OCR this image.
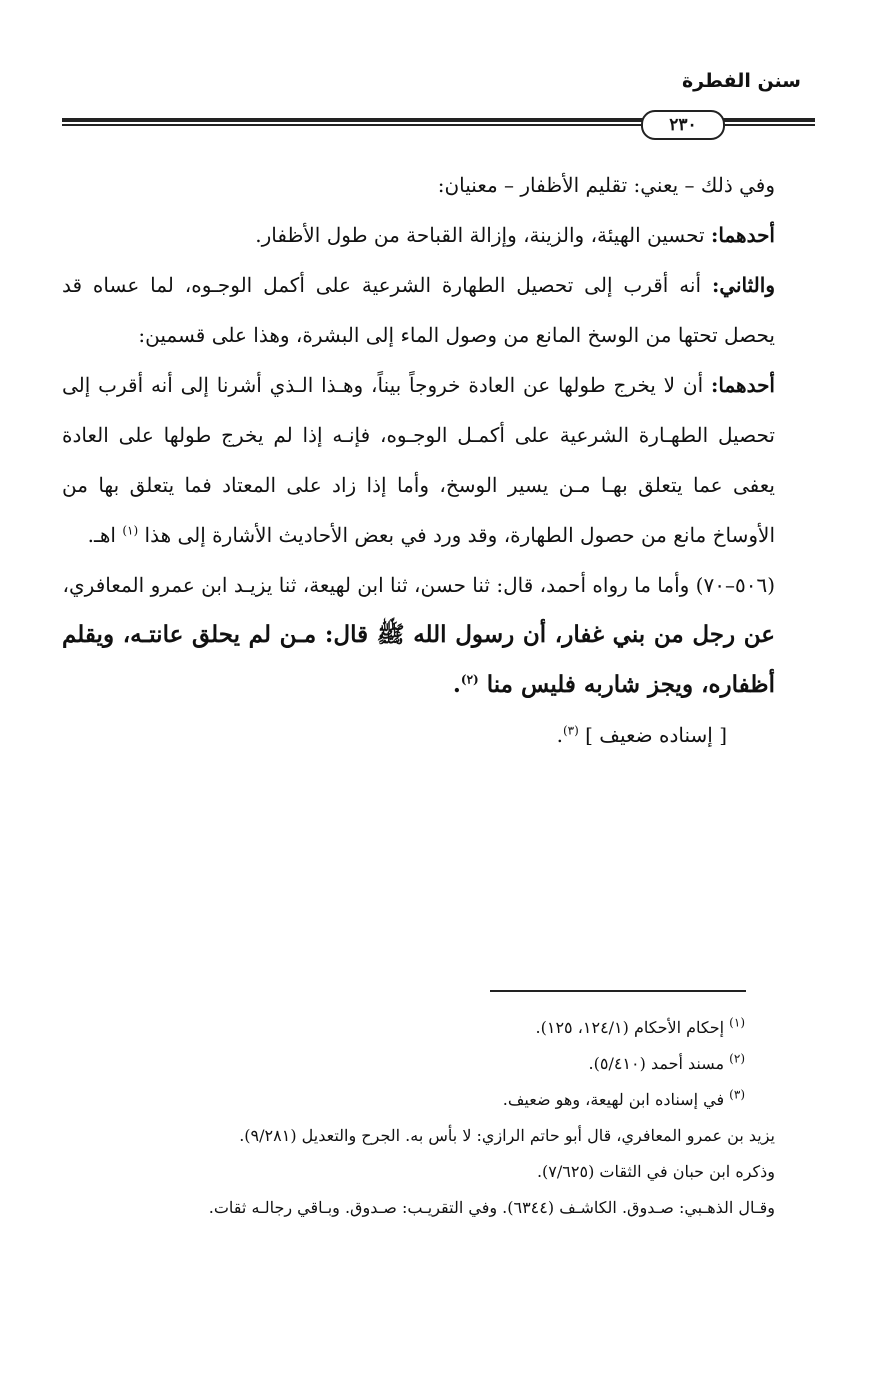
سنن الفطرة
٢٣٠

وفي ذلك – يعني: تقليم الأظفار – معنيان:

أحدهما: تحسين الهيئة، والزينة، وإزالة القباحة من طول الأظفار.

والثاني: أنه أقرب إلى تحصيل الطهارة الشرعية على أكمل الوجـوه، لما عساه قد يحصل تحتها من الوسخ المانع من وصول الماء إلى البشرة، وهذا على قسمين:

أحدهما: أن لا يخرج طولها عن العادة خروجاً بيناً، وهـذا الـذي أشرنا إلى أنه أقرب إلى تحصيل الطهـارة الشرعية على أكمـل الوجـوه، فإنـه إذا لم يخرج طولها على العادة يعفى عما يتعلق بهـا مـن يسير الوسخ، وأما إذا زاد على المعتاد فما يتعلق بها من الأوساخ مانع من حصول الطهارة، وقد ورد في بعض الأحاديث الأشارة إلى هذا $^{(١)}$ اهـ.

(٥٠٦–٧٠) وأما ما رواه أحمد، قال: ثنا حسن، ثنا ابن لهيعة، ثنا يزيـد ابن عمرو المعافري،

عن رجل من بني غفار، أن رسول الله ﷺ قال: مـن لم يحلق عانتـه، ويقلم أظفاره، ويجز شاربه فليس منا $^{(٢)}$.

[ إسناده ضعيف ] $^{(٣)}$.

$^{(١)}$ إحكام الأحكام (١٢٤/١، ١٢٥).

$^{(٢)}$ مسند أحمد (٥/٤١٠).

$^{(٣)}$ في إسناده ابن لهيعة، وهو ضعيف.

يزيد بن عمرو المعافري، قال أبو حاتم الرازي: لا بأس به. الجرح والتعديل (٩/٢٨١).

وذكره ابن حبان في الثقات (٧/٦٢٥).

وقـال الذهـبي: صـدوق. الكاشـف (٦٣٤٤). وفي التقريـب: صـدوق. وبـاقي رجالـه ثقات.
